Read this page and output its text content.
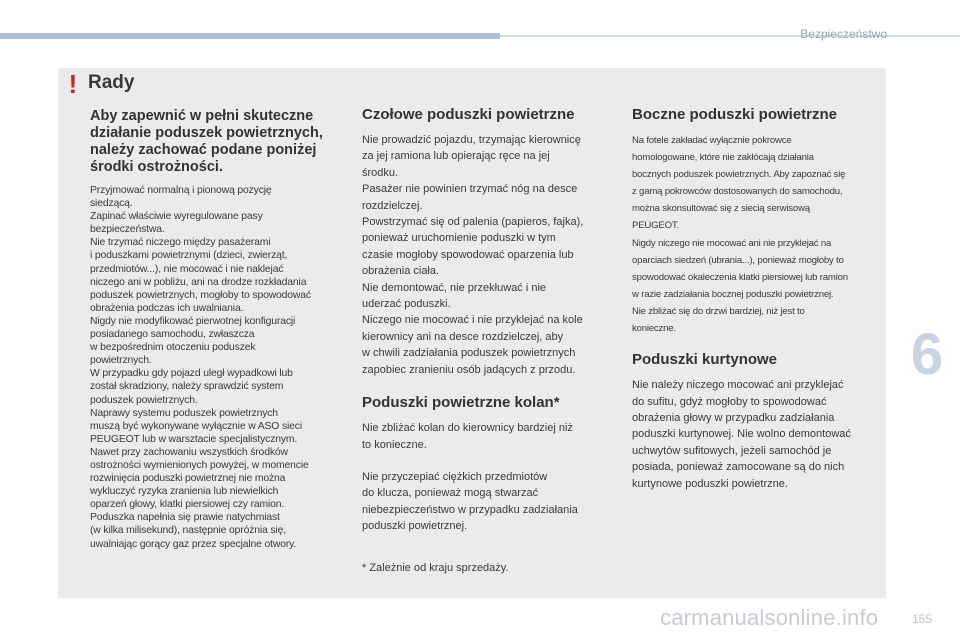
Bezpieczeństwo
! Rady
Aby zapewnić w pełni skuteczne działanie poduszek powietrznych, należy zachować podane poniżej środki ostrożności.

Przyjmować normalną i pionową pozycję
siedzącą.
Zapinać właściwie wyregulowane pasy
bezpieczeństwa.
Nie trzymać niczego między pasażerami
i poduszkami powietrznymi (dzieci, zwierząt,
przedmiotów...), nie mocować i nie naklejać
niczego ani w pobliżu, ani na drodze rozkładania
poduszek powietrznych, mogłoby to spowodować
obrażenia podczas ich uwalniania.
Nigdy nie modyfikować pierwotnej konfiguracji
posiadanego samochodu, zwłaszcza
w bezpośrednim otoczeniu poduszek
powietrznych.
W przypadku gdy pojazd uległ wypadkowi lub
został skradziony, należy sprawdzić system
poduszek powietrznych.
Naprawy systemu poduszek powietrznych
muszą być wykonywane wyłącznie w ASO sieci
PEUGEOT lub w warsztacie specjalistycznym.
Nawet przy zachowaniu wszystkich środków
ostrożności wymienionych powyżej, w momencie
rozwinięcia poduszki powietrznej nie można
wykluczyć ryzyka zranienia lub niewielkich
oparzeń głowy, klatki piersiowej czy ramion.
Poduszka napełnia się prawie natychmiast
(w kilka milisekund), następnie opróżnia się,
uwalniając gorący gaz przez specjalne otwory.

Czołowe poduszki powietrzne

Nie prowadzić pojazdu, trzymając kierownicę
za jej ramiona lub opierając ręce na jej
środku.
Pasażer nie powinien trzymać nóg na desce
rozdzielczej.
Powstrzymać się od palenia (papieros, fajka),
ponieważ uruchomienie poduszki w tym
czasie mogłoby spowodować oparzenia lub
obrażenia ciała.
Nie demontować, nie przekłuwać i nie
uderzać poduszki.
Niczego nie mocować i nie przyklejać na kole
kierownicy ani na desce rozdzielczej, aby
w chwili zadziałania poduszek powietrznych
zapobiec zranieniu osób jadących z przodu.

Poduszki powietrzne kolan*

Nie zbliżać kolan do kierownicy bardziej niż
to konieczne.

Nie przyczepiać ciężkich przedmiotów
do klucza, ponieważ mogą stwarzać
niebezpieczeństwo w przypadku zadziałania
poduszki powietrznej.

* Zależnie od kraju sprzedaży.

Boczne poduszki powietrzne

Na fotele zakładać wyłącznie pokrowce
homologowane, które nie zakłócają działania
bocznych poduszek powietrznych. Aby zapoznać się
z gamą pokrowców dostosowanych do samochodu,
można skonsultować się z siecią serwisową
PEUGEOT.
Nigdy niczego nie mocować ani nie przyklejać na
oparciach siedzeń (ubrania...), ponieważ mogłoby to
spowodować okaleczenia klatki piersiowej lub ramion
w razie zadziałania bocznej poduszki powietrznej.
Nie zbliżać się do drzwi bardziej, niż jest to
konieczne.

Poduszki kurtynowe

Nie należy niczego mocować ani przyklejać
do sufitu, gdyż mogłoby to spowodować
obrażenia głowy w przypadku zadziałania
poduszki kurtynowej. Nie wolno demontować
uchwytów sufitowych, jeżeli samochód je
posiada, ponieważ zamocowane są do nich
kurtynowe poduszki powietrzne.

6
carmanualsonline.info	155
